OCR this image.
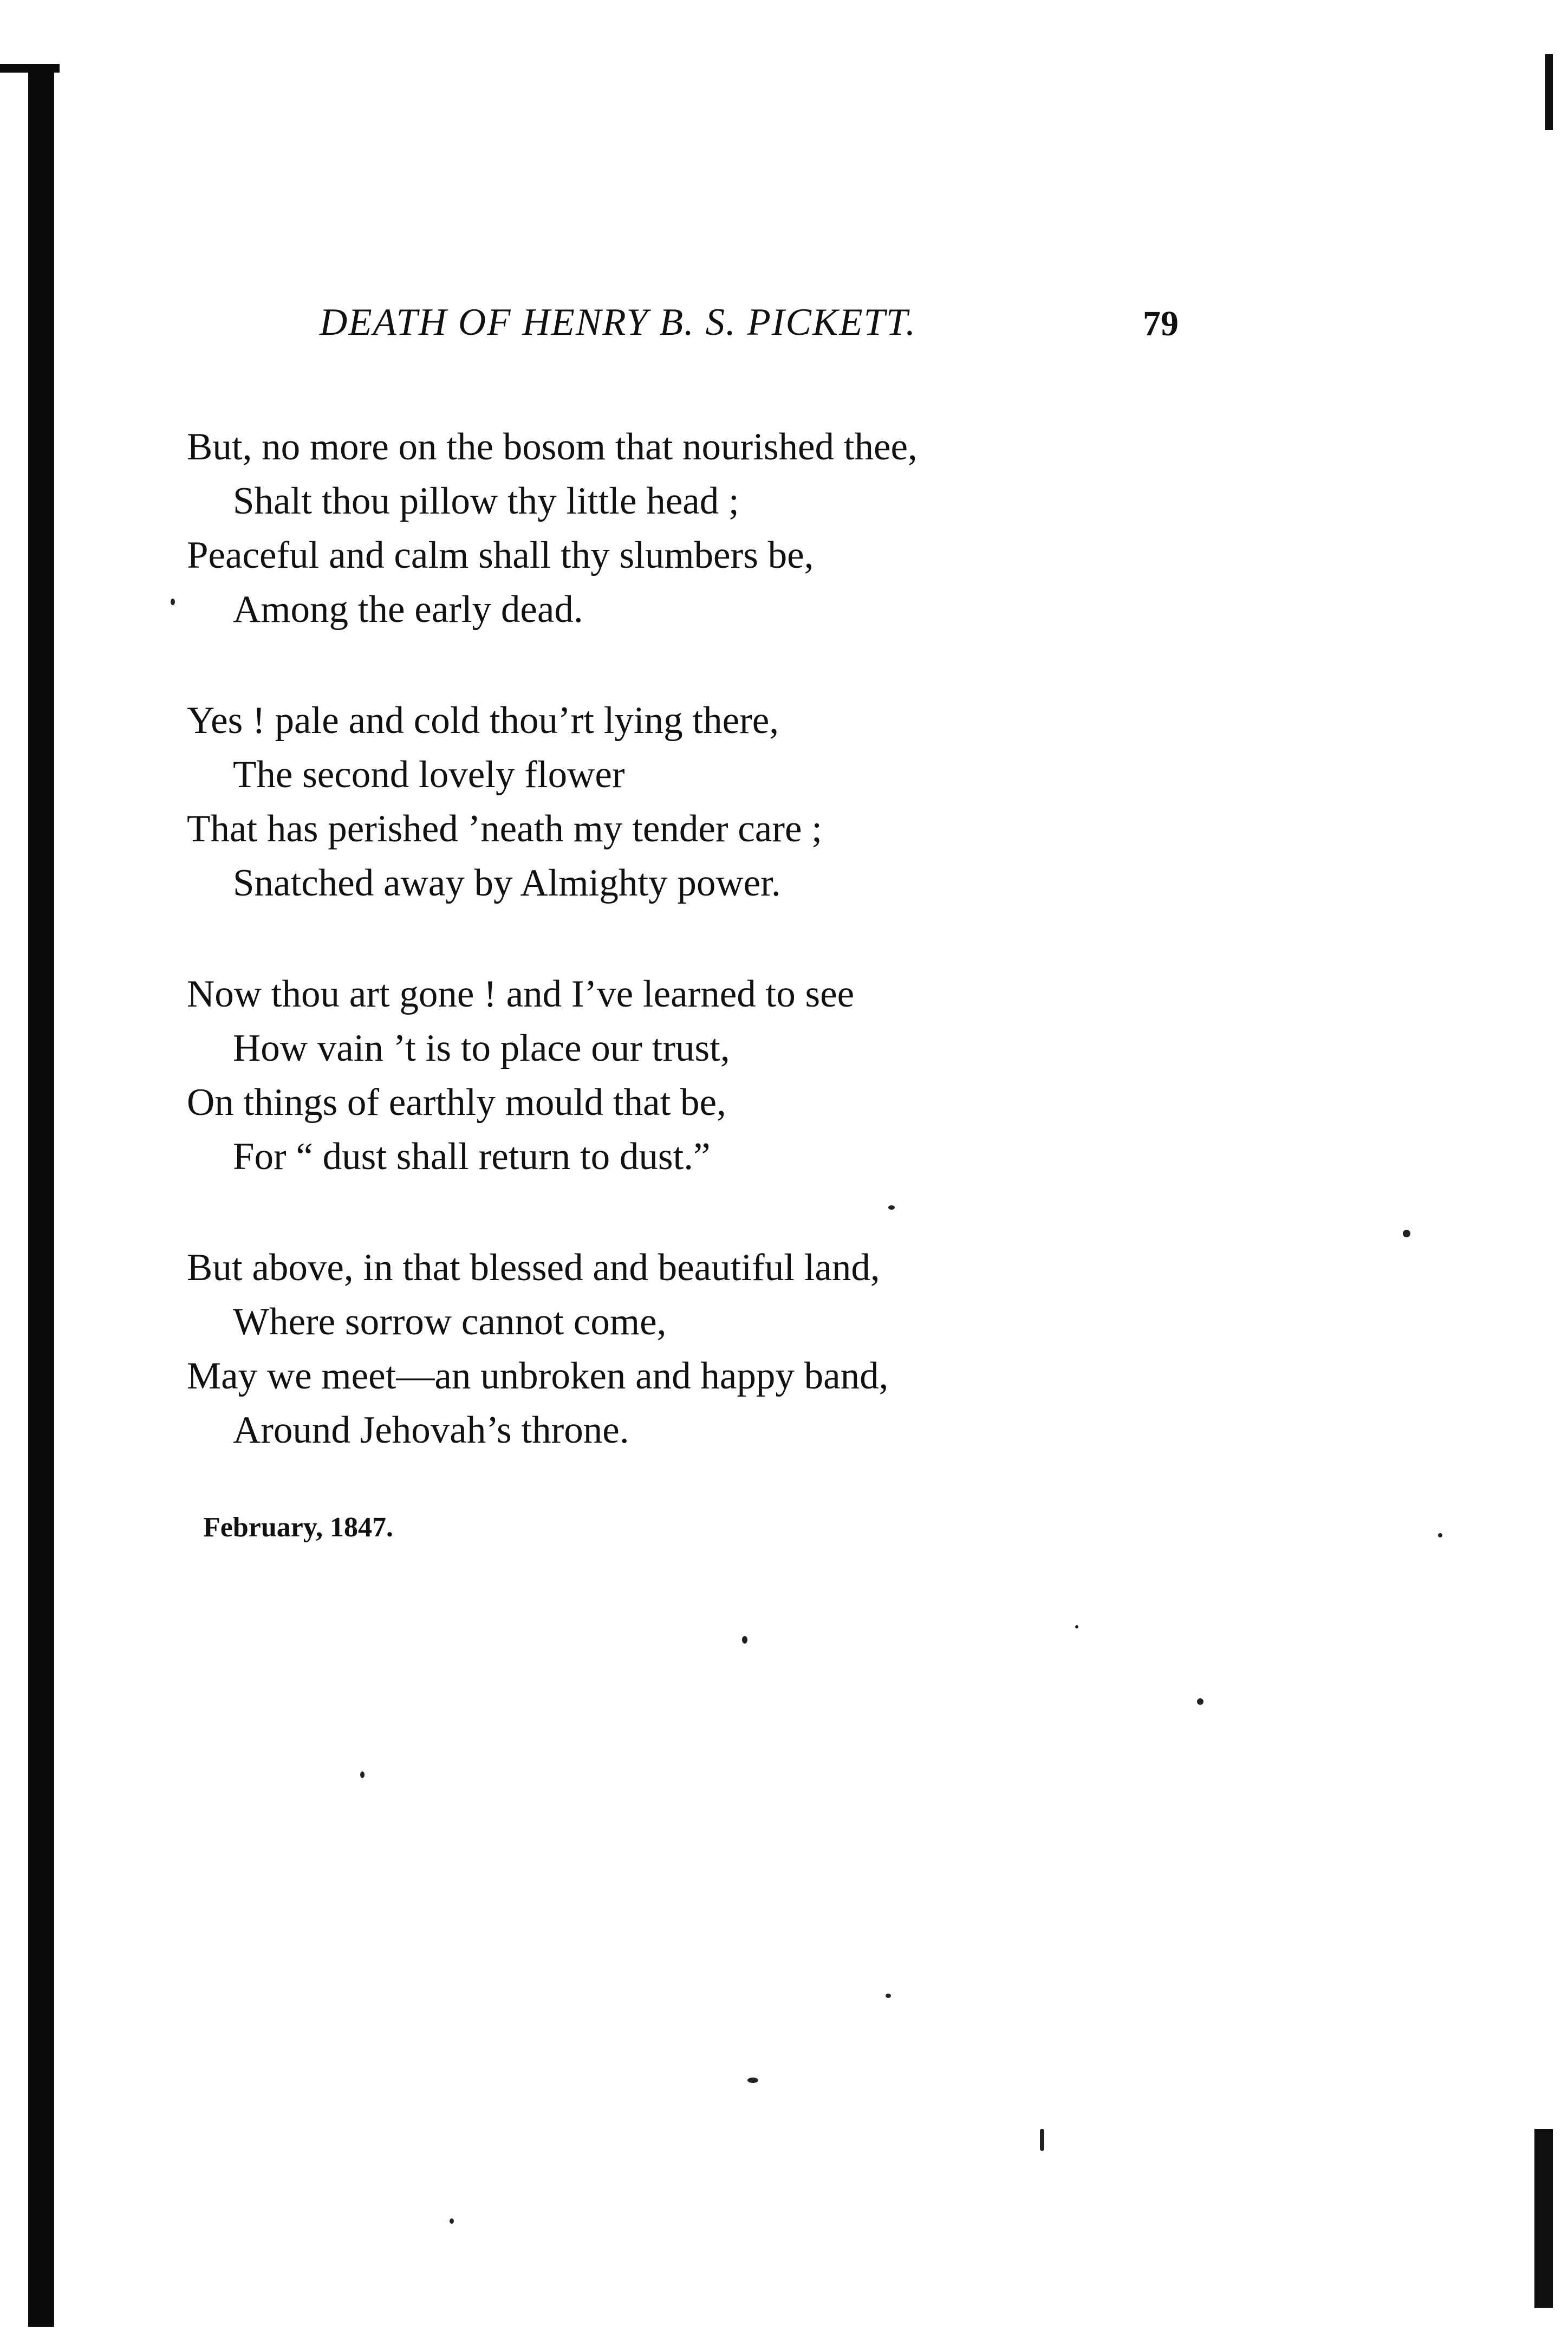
DEATH OF HENRY B. S. PICKETT.	79
But, no more on the bosom that nourished thee,
Shalt thou pillow thy little head ;
Peaceful and calm shall thy slumbers be,
Among the early dead.
Yes ! pale and cold thou’rt lying there,
The second lovely flower
That has perished ’neath my tender care ;
Snatched away by Almighty power.
Now thou art gone ! and I’ve learned to see
How vain ’t is to place our trust,
On things of earthly mould that be,
For “ dust shall return to dust.”
But above, in that blessed and beautiful land,
Where sorrow cannot come,
May we meet—an unbroken and happy band,
Around Jehovah’s throne.
February, 1847.
